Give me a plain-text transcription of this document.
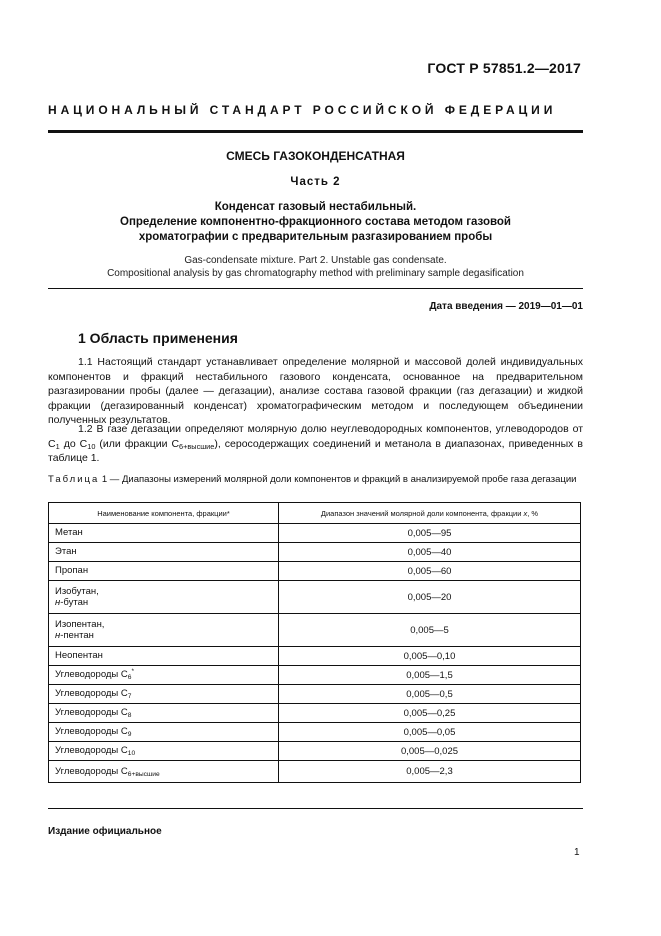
ГОСТ Р 57851.2—2017
НАЦИОНАЛЬНЫЙ СТАНДАРТ РОССИЙСКОЙ ФЕДЕРАЦИИ
СМЕСЬ ГАЗОКОНДЕНСАТНАЯ
Часть 2
Конденсат газовый нестабильный.
Определение компонентно-фракционного состава методом газовой
хроматографии с предварительным разгазированием пробы
Gas-condensate mixture. Part 2. Unstable gas condensate.
Compositional analysis by gas chromatography method with preliminary sample degasification
Дата введения — 2019—01—01
1 Область применения
1.1 Настоящий стандарт устанавливает определение молярной и массовой долей индивидуальных компонентов и фракций нестабильного газового конденсата, основанное на предварительном разгазировании пробы (далее — дегазации), анализе состава газовой фракции (газ дегазации) и жидкой фракции (дегазированный конденсат) хроматографическим методом и последующем объединении полученных результатов.
1.2 В газе дегазации определяют молярную долю неуглеводородных компонентов, углеводородов от $C_1$ до $C_{10}$ (или фракции $C_{6+высшие}$), серосодержащих соединений и метанола в диапазонах, приведенных в таблице 1.
Таблица 1 — Диапазоны измерений молярной доли компонентов и фракций в анализируемой пробе газа дегазации
Наименование компонента, фракции*	Диапазон значений молярной доли компонента, фракции x, %
Метан	0,005—95
Этан	0,005—40
Пропан	0,005—60
Изобутан,
н-бутан	0,005—20
Изопентан,
н-пентан	0,005—5
Неопентан	0,005—0,10
Углеводороды $C_6^*$	0,005—1,5
Углеводороды $C_7$	0,005—0,5
Углеводороды $C_8$	0,005—0,25
Углеводороды $C_9$	0,005—0,05
Углеводороды $C_{10}$	0,005—0,025
Углеводороды $C_{6+высшие}$	0,005—2,3
Издание официальное
1
